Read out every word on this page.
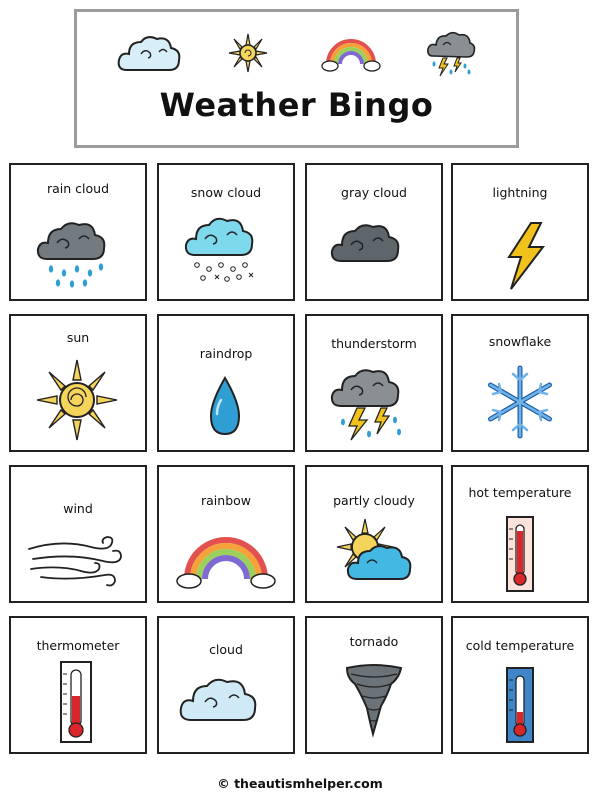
Weather Bingo
rain cloud	snow cloud	gray cloud	lightning
sun
raindrop
thunderstorm	snowflake
wind
rainbow	partly cloudy
hot temperature
thermometer	cloud
tornado	cold temperature
© theautismhelper.com
